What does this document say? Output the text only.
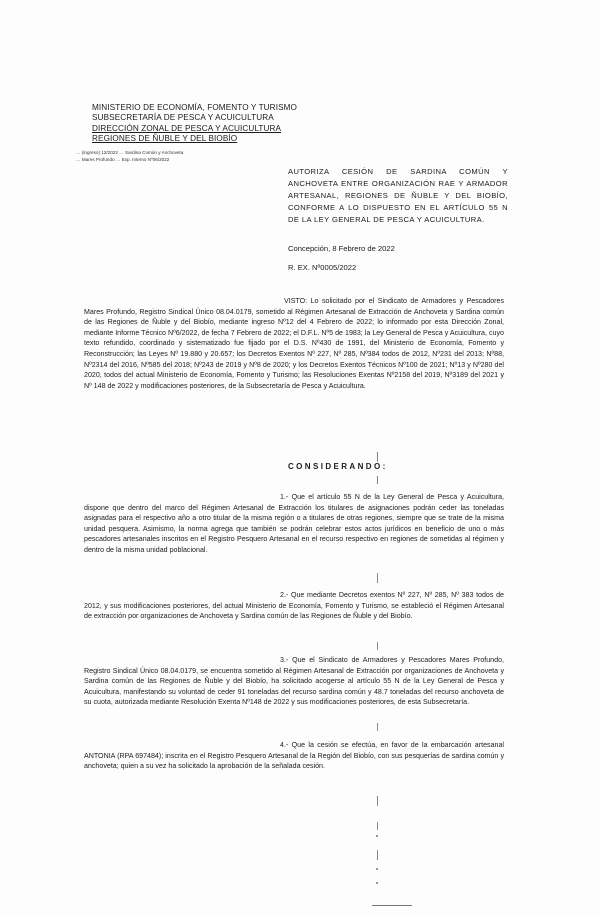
MINISTERIO DE ECONOMÍA, FOMENTO Y TURISMO
SUBSECRETARÍA DE PESCA Y ACUICULTURA
DIRECCIÓN ZONAL DE PESCA Y ACUICULTURA
REGIONES DE ÑUBLE Y DEL BIOBÍO
… (ingreso) 12/2022 … Sardina Común y Anchoveta
… Mares Profundo … Exp. Interno Nº06/2022
AUTORIZA CESIÓN DE SARDINA COMÚN Y ANCHOVETA ENTRE ORGANIZACIÓN RAE Y ARMADOR ARTESANAL, REGIONES DE ÑUBLE Y DEL BIOBÍO, CONFORME A LO DISPUESTO EN EL ARTÍCULO 55 N DE LA LEY GENERAL DE PESCA Y ACUICULTURA.
Concepción, 8 Febrero de 2022
R. EX. Nº0005/2022
VISTO: Lo solicitado por el Sindicato de Armadores y Pescadores Mares Profundo, Registro Sindical Único 08.04.0179, sometido al Régimen Artesanal de Extracción de Anchoveta y Sardina común de las Regiones de Ñuble y del Biobío, mediante ingreso Nº12 del 4 Febrero de 2022; lo informado por esta Dirección Zonal, mediante Informe Técnico Nº6/2022, de fecha 7 Febrero de 2022; el D.F.L. Nº5 de 1983; la Ley General de Pesca y Acuicultura, cuyo texto refundido, coordinado y sistematizado fue fijado por el D.S. Nº430 de 1991, del Ministerio de Economía, Fomento y Reconstrucción; las Leyes Nº 19.880 y 20.657; los Decretos Exentos Nº 227, Nº 285, Nº384 todos de 2012, Nº231 del 2013; Nº88, Nº2314 del 2016, Nº585 del 2018; Nº243 de 2019 y Nº8 de 2020; y los Decretos Exentos Técnicos Nº100 de 2021; Nº13 y Nº280 del 2020, todos del actual Ministerio de Economía, Fomento y Turismo; las Resoluciones Exentas Nº2158 del 2019, Nº3189 del 2021 y Nº 148 de 2022 y modificaciones posteriores, de la Subsecretaría de Pesca y Acuicultura.
CONSIDERANDO:
1.- Que el artículo 55 N de la Ley General de Pesca y Acuicultura, dispone que dentro del marco del Régimen Artesanal de Extracción los titulares de asignaciones podrán ceder las toneladas asignadas para el respectivo año a otro titular de la misma región o a titulares de otras regiones, siempre que se trate de la misma unidad pesquera. Asimismo, la norma agrega que también se podrán celebrar estos actos jurídicos en beneficio de uno o más pescadores artesanales inscritos en el Registro Pesquero Artesanal en el recurso respectivo en regiones de sometidas al régimen y dentro de la misma unidad poblacional.
2.- Que mediante Decretos exentos Nº 227, Nº 285, Nº 383 todos de 2012, y sus modificaciones posteriores, del actual Ministerio de Economía, Fomento y Turismo, se estableció el Régimen Artesanal de extracción por organizaciones de Anchoveta y Sardina común de las Regiones de Ñuble y del Biobío.
3.- Que el Sindicato de Armadores y Pescadores Mares Profundo, Registro Sindical Único 08.04.0179, se encuentra sometido al Régimen Artesanal de Extracción por organizaciones de Anchoveta y Sardina común de las Regiones de Ñuble y del Biobío, ha solicitado acogerse al artículo 55 N de la Ley General de Pesca y Acuicultura, manifestando su voluntad de ceder 91 toneladas del recurso sardina común y 48.7 toneladas del recurso anchoveta de su cuota, autorizada mediante Resolución Exenta Nº148 de 2022 y sus modificaciones posteriores, de esta Subsecretaría.
4.- Que la cesión se efectúa, en favor de la embarcación artesanal ANTONIA (RPA 697484); inscrita en el Registro Pesquero Artesanal de la Región del Biobío, con sus pesquerías de sardina común y anchoveta; quien a su vez ha solicitado la aprobación de la señalada cesión.
